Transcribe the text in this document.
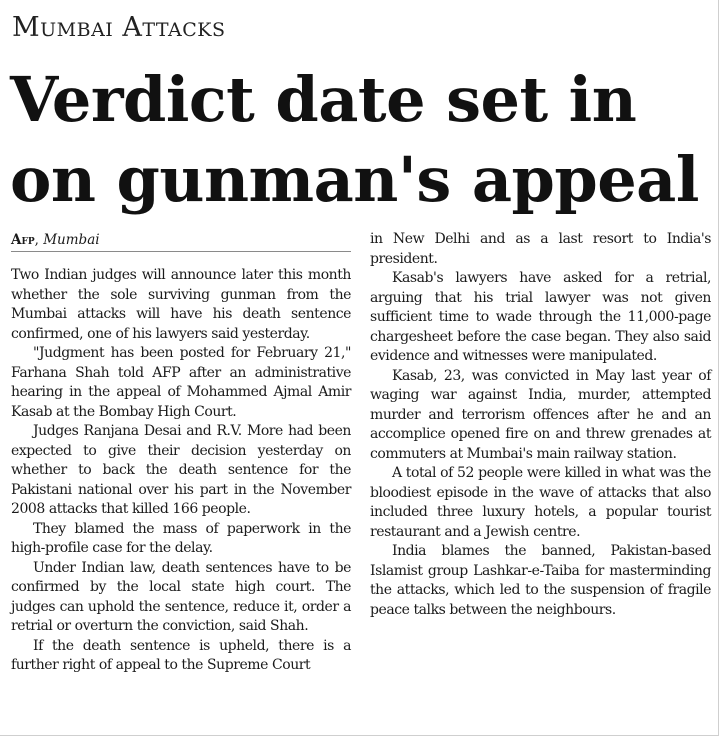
Mumbai Attacks
Verdict date set in on gunman's appeal
Afp, Mumbai

Two Indian judges will announce later this month whether the sole surviving gunman from the Mumbai attacks will have his death sentence confirmed, one of his lawyers said yesterday.

"Judgment has been posted for February 21," Farhana Shah told AFP after an administrative hearing in the appeal of Mohammed Ajmal Amir Kasab at the Bombay High Court.

Judges Ranjana Desai and R.V. More had been expected to give their decision yesterday on whether to back the death sentence for the Pakistani national over his part in the November 2008 attacks that killed 166 people.

They blamed the mass of paperwork in the high-profile case for the delay.

Under Indian law, death sentences have to be confirmed by the local state high court. The judges can uphold the sentence, reduce it, order a retrial or overturn the conviction, said Shah.

If the death sentence is upheld, there is a further right of appeal to the Supreme Court

in New Delhi and as a last resort to India's president.

Kasab's lawyers have asked for a retrial, arguing that his trial lawyer was not given sufficient time to wade through the 11,000-page chargesheet before the case began. They also said evidence and witnesses were manipulated.

Kasab, 23, was convicted in May last year of waging war against India, murder, attempted murder and terrorism offences after he and an accomplice opened fire on and threw grenades at commuters at Mumbai's main railway station.

A total of 52 people were killed in what was the bloodiest episode in the wave of attacks that also included three luxury hotels, a popular tourist restaurant and a Jewish centre.

India blames the banned, Pakistan-based Islamist group Lashkar-e-Taiba for masterminding the attacks, which led to the suspension of fragile peace talks between the neighbours.
